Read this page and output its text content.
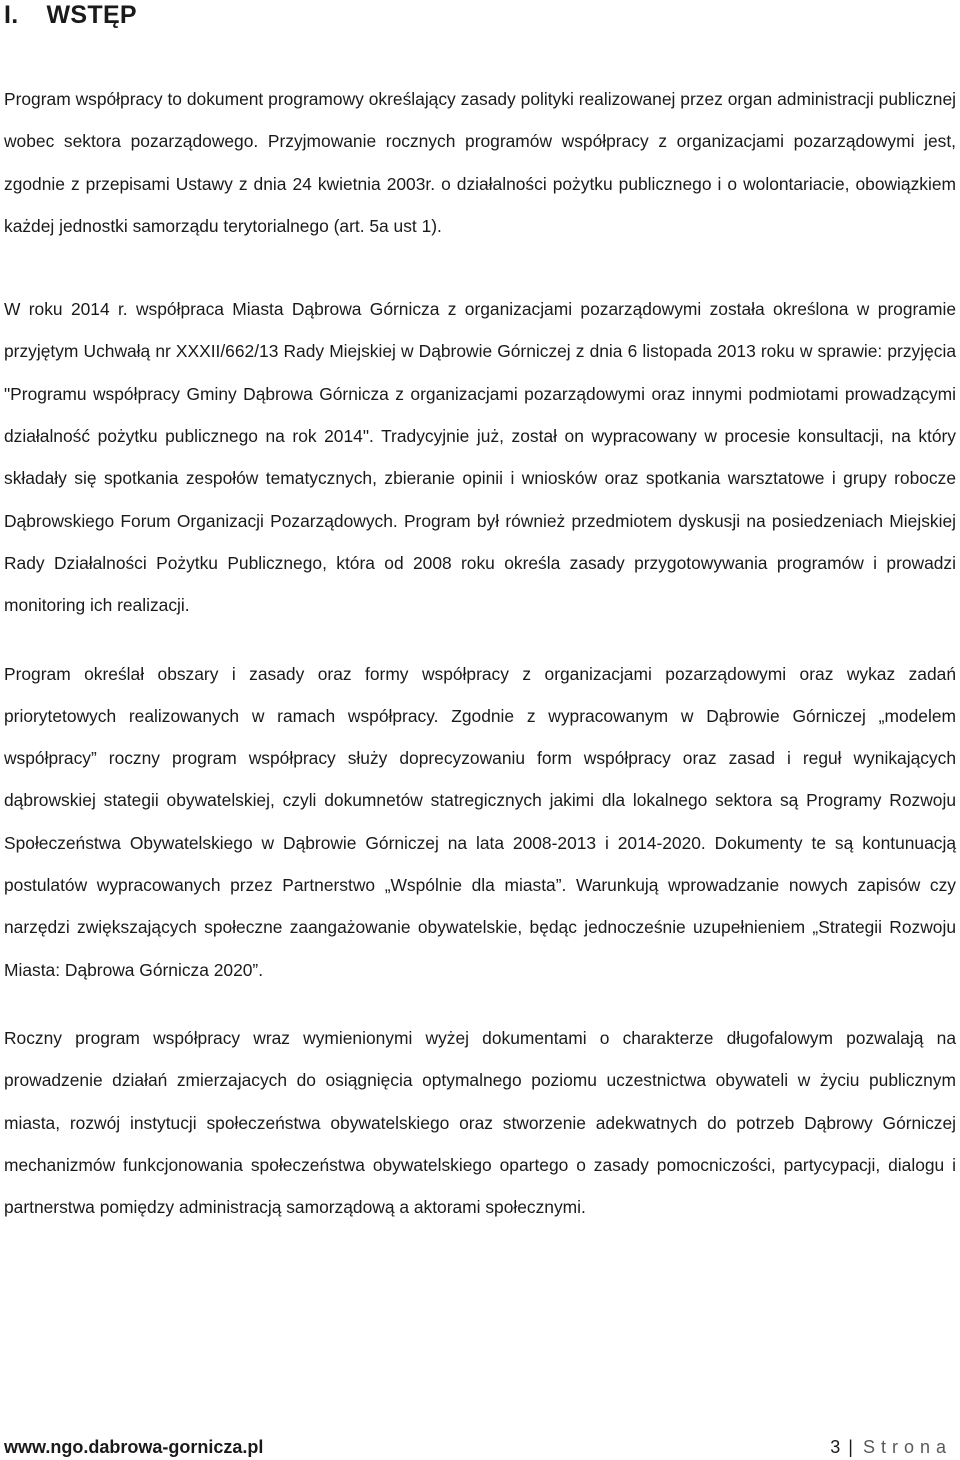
I. WSTĘP

Program współpracy to dokument programowy określający zasady polityki realizowanej przez organ administracji publicznej wobec sektora pozarządowego. Przyjmowanie rocznych programów współpracy z organizacjami pozarządowymi jest, zgodnie z przepisami Ustawy z dnia 24 kwietnia 2003r. o działalności pożytku publicznego i o wolontariacie, obowiązkiem każdej jednostki samorządu terytorialnego (art. 5a ust 1).

W roku 2014 r. współpraca Miasta Dąbrowa Górnicza z organizacjami pozarządowymi została określona w programie przyjętym Uchwałą nr XXXII/662/13 Rady Miejskiej w Dąbrowie Górniczej z dnia 6 listopada 2013 roku w sprawie: przyjęcia "Programu współpracy Gminy Dąbrowa Górnicza z organizacjami pozarządowymi oraz innymi podmiotami prowadzącymi działalność pożytku publicznego na rok 2014". Tradycyjnie już, został on wypracowany w procesie konsultacji, na który składały się spotkania zespołów tematycznych, zbieranie opinii i wniosków oraz spotkania warsztatowe i grupy robocze Dąbrowskiego Forum Organizacji Pozarządowych. Program był również przedmiotem dyskusji na posiedzeniach Miejskiej Rady Działalności Pożytku Publicznego, która od 2008 roku określa zasady przygotowywania programów i prowadzi monitoring ich realizacji.

Program określał obszary i zasady oraz formy współpracy z organizacjami pozarządowymi oraz wykaz zadań priorytetowych realizowanych w ramach współpracy. Zgodnie z wypracowanym w Dąbrowie Górniczej „modelem współpracy” roczny program współpracy służy doprecyzowaniu form współpracy oraz zasad i reguł wynikających dąbrowskiej stategii obywatelskiej, czyli dokumnetów statregicznych jakimi dla lokalnego sektora są Programy Rozwoju Społeczeństwa Obywatelskiego w Dąbrowie Górniczej na lata 2008-2013 i 2014-2020. Dokumenty te są kontunuacją postulatów wypracowanych przez Partnerstwo „Wspólnie dla miasta”. Warunkują wprowadzanie nowych zapisów czy narzędzi zwiększających społeczne zaangażowanie obywatelskie, będąc jednocześnie uzupełnieniem „Strategii Rozwoju Miasta: Dąbrowa Górnicza 2020”.

Roczny program współpracy wraz wymienionymi wyżej dokumentami o charakterze długofalowym pozwalają na prowadzenie działań zmierzajacych do osiągnięcia optymalnego poziomu uczestnictwa obywateli w życiu publicznym miasta, rozwój instytucji społeczeństwa obywatelskiego oraz stworzenie adekwatnych do potrzeb Dąbrowy Górniczej mechanizmów funkcjonowania społeczeństwa obywatelskiego opartego o zasady pomocniczości, partycypacji, dialogu i partnerstwa pomiędzy administracją samorządową a aktorami społecznymi.

www.ngo.dabrowa-gornicza.pl	3 | Strona
